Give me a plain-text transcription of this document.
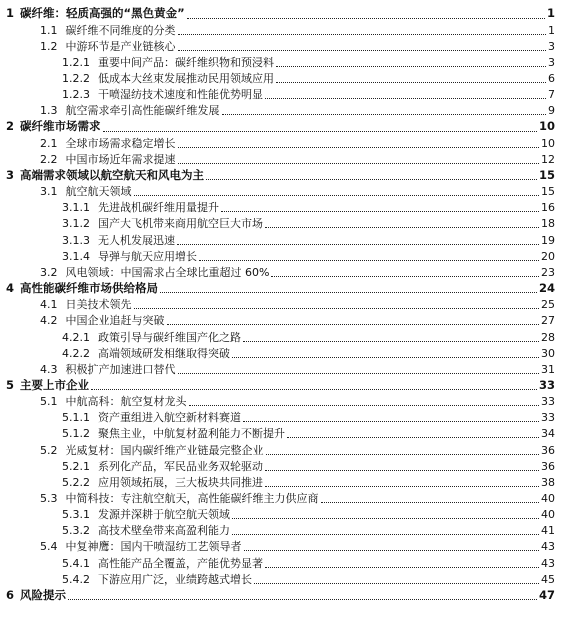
1 碳纤维：轻质高强的“黑色黄金”	1
1.1 碳纤维不同维度的分类	1
1.2 中游环节是产业链核心	3
1.2.1 重要中间产品：碳纤维织物和预浸料	3
1.2.2 低成本大丝束发展推动民用领域应用	6
1.2.3 干喷湿纺技术速度和性能优势明显	7
1.3 航空需求牵引高性能碳纤维发展	9
2 碳纤维市场需求	10
2.1 全球市场需求稳定增长	10
2.2 中国市场近年需求提速	12
3 高端需求领域以航空航天和风电为主	15
3.1 航空航天领域	15
3.1.1 先进战机碳纤维用量提升	16
3.1.2 国产大飞机带来商用航空巨大市场	18
3.1.3 无人机发展迅速	19
3.1.4 导弹与航天应用增长	20
3.2 风电领域：中国需求占全球比重超过 60%	23
4 高性能碳纤维市场供给格局	24
4.1 日美技术领先	25
4.2 中国企业追赶与突破	27
4.2.1 政策引导与碳纤维国产化之路	28
4.2.2 高端领域研发相继取得突破	30
4.3 积极扩产加速进口替代	31
5 主要上市企业	33
5.1 中航高科：航空复材龙头	33
5.1.1 资产重组进入航空新材料赛道	33
5.1.2 聚焦主业，中航复材盈利能力不断提升	34
5.2 光威复材：国内碳纤维产业链最完整企业	36
5.2.1 系列化产品，军民品业务双轮驱动	36
5.2.2 应用领域拓展，三大板块共同推进	38
5.3 中简科技：专注航空航天，高性能碳纤维主力供应商	40
5.3.1 发源并深耕于航空航天领域	40
5.3.2 高技术壁垒带来高盈利能力	41
5.4 中复神鹰：国内干喷湿纺工艺领导者	43
5.4.1 高性能产品全覆盖，产能优势显著	43
5.4.2 下游应用广泛，业绩跨越式增长	45
6 风险提示	47
